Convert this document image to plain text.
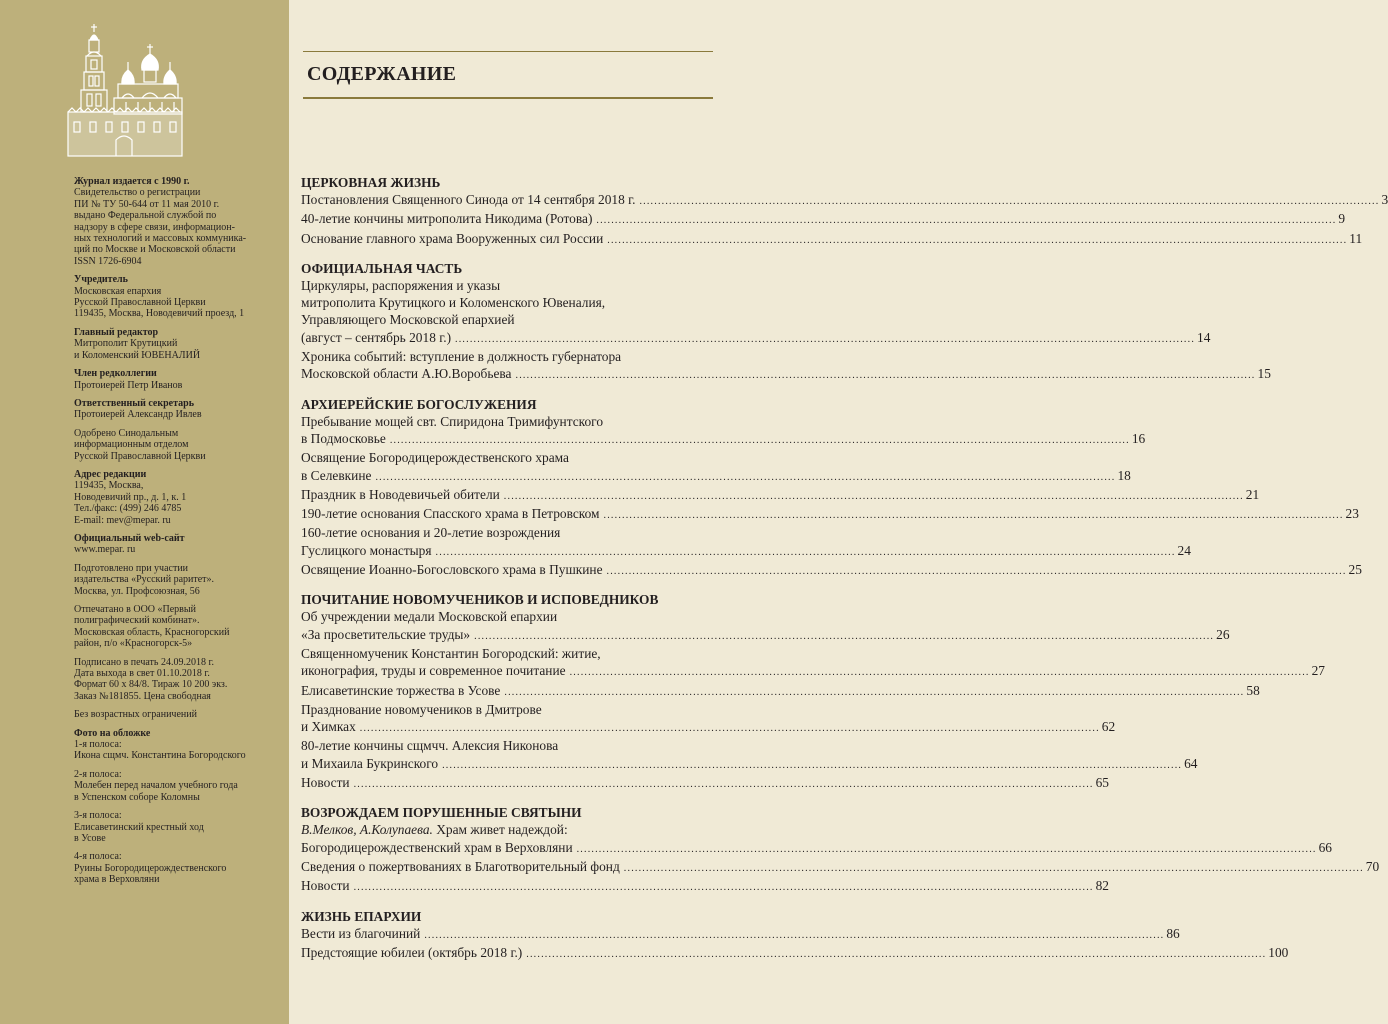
Журнал издается с 1990 г.
Свидетельство о регистрации
ПИ № ТУ 50-644 от 11 мая 2010 г.
выдано Федеральной службой по
надзору в сфере связи, информацион-
ных технологий и массовых коммуника-
ций по Москве и Московской области
ISSN 1726-6904
Учредитель
Московская епархия
Русской Православной Церкви
119435, Москва, Новодевичий проезд, 1
Главный редактор
Митрополит Крутицкий
и Коломенский ЮВЕНАЛИЙ
Член редколлегии
Протоиерей Петр Иванов
Ответственный секретарь
Протоиерей Александр Ивлев
Одобрено Синодальным
информационным отделом
Русской Православной Церкви
Адрес редакции
119435, Москва,
Новодевичий пр., д. 1, к. 1
Тел./факс: (499) 246 4785
E-mail: mev@mepar. ru
Официальный web-сайт
www.mepar. ru
Подготовлено при участии
издательства «Русский раритет».
Москва, ул. Профсоюзная, 56
Отпечатано в ООО «Первый
полиграфический комбинат».
Московская область, Красногорский
район, п/о «Красногорск-5»
Подписано в печать 24.09.2018 г.
Дата выхода в свет 01.10.2018 г.
Формат 60 х 84/8. Тираж 10 200 экз.
Заказ №181855. Цена свободная
Без возрастных ограничений
Фото на обложке
1-я полоса:
Икона сщмч. Константина Богородского
2-я полоса:
Молебен перед началом учебного года
в Успенском соборе Коломны
3-я полоса:
Елисаветинский крестный ход
в Усове
4-я полоса:
Руины Богородицерождественского
храма в Верховляни
СОДЕРЖАНИЕ
ЦЕРКОВНАЯ ЖИЗНЬ
Постановления Священного Синода от 14 сентября 2018 г. ........................................................................................................................................................................................................ 3
40-летие кончины митрополита Никодима (Ротова) ........................................................................................................................................................................................................ 9
Основание главного храма Вооруженных сил России ........................................................................................................................................................................................................ 11
ОФИЦИАЛЬНАЯ ЧАСТЬ
Циркуляры, распоряжения и указы
митрополита Крутицкого и Коломенского Ювеналия,
Управляющего Московской епархией
(август – сентябрь 2018 г.) ........................................................................................................................................................................................................ 14
Хроника событий: вступление в должность губернатора
Московской области А.Ю.Воробьева ........................................................................................................................................................................................................ 15
АРХИЕРЕЙСКИЕ БОГОСЛУЖЕНИЯ
Пребывание мощей свт. Спиридона Тримифунтского
в Подмосковье ........................................................................................................................................................................................................ 16
Освящение Богородицерождественского храма
в Селевкине ........................................................................................................................................................................................................ 18
Праздник в Новодевичьей обители ........................................................................................................................................................................................................ 21
190-летие основания Спасского храма в Петровском ........................................................................................................................................................................................................ 23
160-летие основания и 20-летие возрождения
Гуслицкого монастыря ........................................................................................................................................................................................................ 24
Освящение Иоанно-Богословского храма в Пушкине ........................................................................................................................................................................................................ 25
ПОЧИТАНИЕ НОВОМУЧЕНИКОВ И ИСПОВЕДНИКОВ
Об учреждении медали Московской епархии
«За просветительские труды» ........................................................................................................................................................................................................ 26
Священномученик Константин Богородский: житие,
иконография, труды и современное почитание ........................................................................................................................................................................................................ 27
Елисаветинские торжества в Усове ........................................................................................................................................................................................................ 58
Празднование новомучеников в Дмитрове
и Химках ........................................................................................................................................................................................................ 62
80-летие кончины сщмчч. Алексия Никонова
и Михаила Букринского ........................................................................................................................................................................................................ 64
Новости ........................................................................................................................................................................................................ 65
ВОЗРОЖДАЕМ ПОРУШЕННЫЕ СВЯТЫНИ
В.Мелков, А.Колупаева. Храм живет надеждой:
Богородицерождественский храм в Верховляни ........................................................................................................................................................................................................ 66
Сведения о пожертвованиях в Благотворительный фонд ........................................................................................................................................................................................................ 70
Новости ........................................................................................................................................................................................................ 82
ЖИЗНЬ ЕПАРХИИ
Вести из благочиний ........................................................................................................................................................................................................ 86
Предстоящие юбилеи (октябрь 2018 г.) ........................................................................................................................................................................................................ 100
